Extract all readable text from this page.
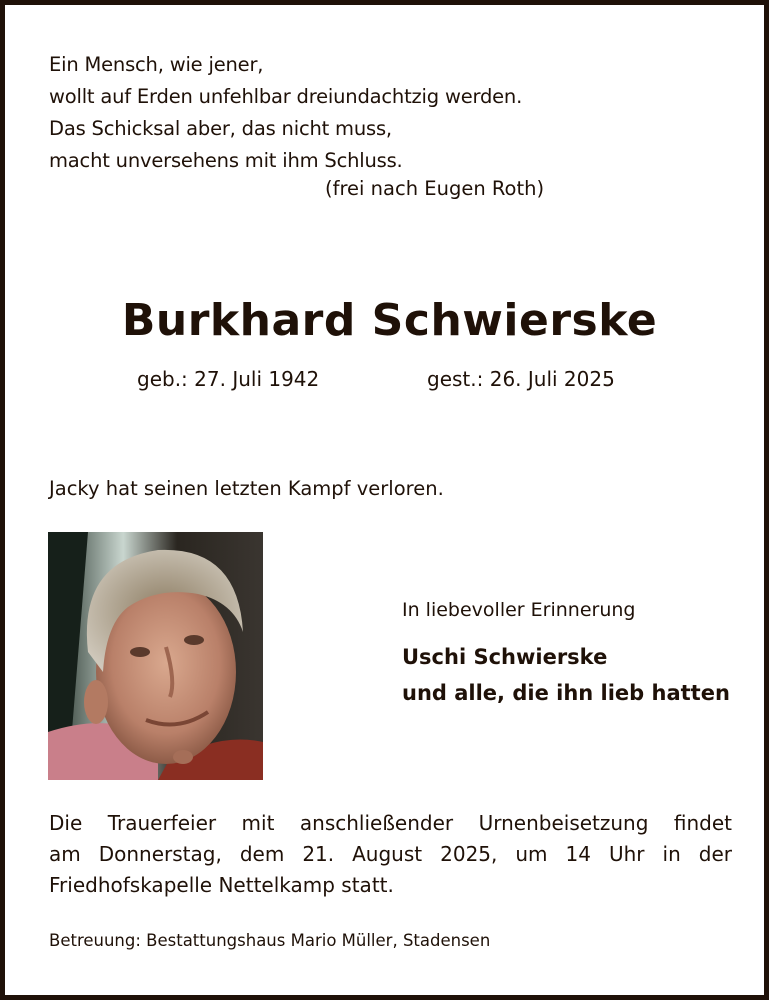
Ein Mensch, wie jener,
wollt auf Erden unfehlbar dreiundachtzig werden.
Das Schicksal aber, das nicht muss,
macht unversehens mit ihm Schluss.
(frei nach Eugen Roth)
Burkhard Schwierske
geb.: 27. Juli 1942	gest.: 26. Juli 2025
Jacky hat seinen letzten Kampf verloren.
In liebevoller Erinnerung
Uschi Schwierske
und alle, die ihn lieb hatten
Die Trauerfeier mit anschließender Urnenbeisetzung findet
am Donnerstag, dem 21. August 2025, um 14 Uhr in der
Friedhofskapelle Nettelkamp statt.
Betreuung: Bestattungshaus Mario Müller, Stadensen
